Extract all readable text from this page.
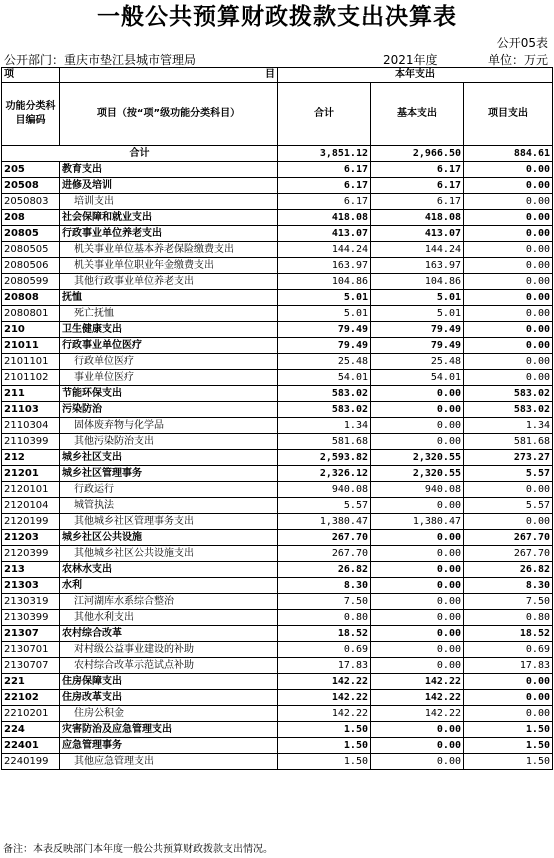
一般公共预算财政拨款支出决算表
公开05表
公开部门：重庆市垫江县城市管理局	2021年度	单位：万元
项	目	本年支出		
功能分类科目编码	项目（按“项”级功能分类科目）	合计	基本支出	项目支出
合计		3,851.12	2,966.50	884.61
205	教育支出	6.17	6.17	0.00
20508	进修及培训	6.17	6.17	0.00
2050803	培训支出	6.17	6.17	0.00
208	社会保障和就业支出	418.08	418.08	0.00
20805	行政事业单位养老支出	413.07	413.07	0.00
2080505	机关事业单位基本养老保险缴费支出	144.24	144.24	0.00
2080506	机关事业单位职业年金缴费支出	163.97	163.97	0.00
2080599	其他行政事业单位养老支出	104.86	104.86	0.00
20808	抚恤	5.01	5.01	0.00
2080801	死亡抚恤	5.01	5.01	0.00
210	卫生健康支出	79.49	79.49	0.00
21011	行政事业单位医疗	79.49	79.49	0.00
2101101	行政单位医疗	25.48	25.48	0.00
2101102	事业单位医疗	54.01	54.01	0.00
211	节能环保支出	583.02	0.00	583.02
21103	污染防治	583.02	0.00	583.02
2110304	固体废弃物与化学品	1.34	0.00	1.34
2110399	其他污染防治支出	581.68	0.00	581.68
212	城乡社区支出	2,593.82	2,320.55	273.27
21201	城乡社区管理事务	2,326.12	2,320.55	5.57
2120101	行政运行	940.08	940.08	0.00
2120104	城管执法	5.57	0.00	5.57
2120199	其他城乡社区管理事务支出	1,380.47	1,380.47	0.00
21203	城乡社区公共设施	267.70	0.00	267.70
2120399	其他城乡社区公共设施支出	267.70	0.00	267.70
213	农林水支出	26.82	0.00	26.82
21303	水利	8.30	0.00	8.30
2130319	江河湖库水系综合整治	7.50	0.00	7.50
2130399	其他水利支出	0.80	0.00	0.80
21307	农村综合改革	18.52	0.00	18.52
2130701	对村级公益事业建设的补助	0.69	0.00	0.69
2130707	农村综合改革示范试点补助	17.83	0.00	17.83
221	住房保障支出	142.22	142.22	0.00
22102	住房改革支出	142.22	142.22	0.00
2210201	住房公积金	142.22	142.22	0.00
224	灾害防治及应急管理支出	1.50	0.00	1.50
22401	应急管理事务	1.50	0.00	1.50
2240199	其他应急管理支出	1.50	0.00	1.50
备注：本表反映部门本年度一般公共预算财政拨款支出情况。
